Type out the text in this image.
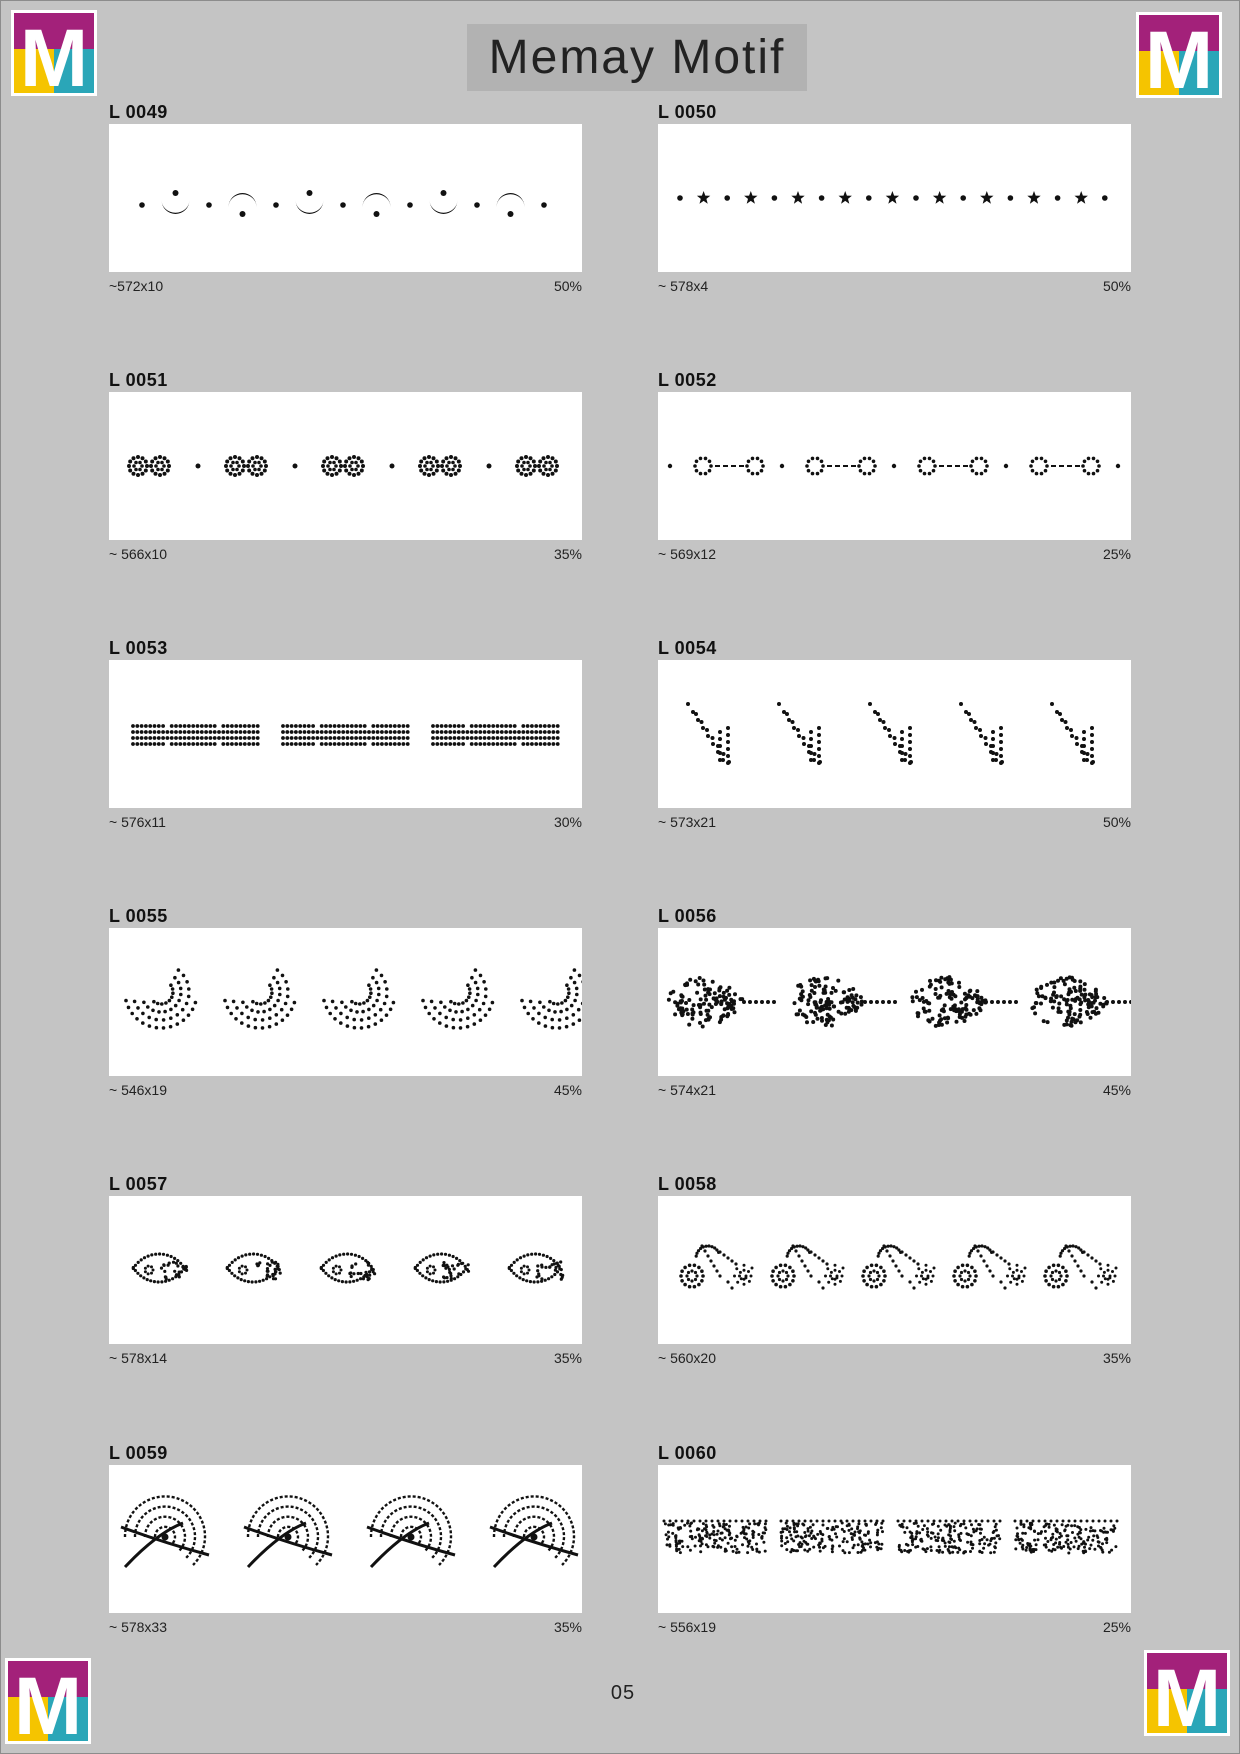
Memay Motif
M	M
M	M
L 0049
~572x10	50%
L 0050
~ 578x4	50%
L 0051
~ 566x10	35%
L 0052
~ 569x12	25%
L 0053
~ 576x11	30%
L 0054
~ 573x21	50%
L 0055
~ 546x19	45%
L 0056
~ 574x21	45%
L 0057
~ 578x14	35%
L 0058
~ 560x20	35%
L 0059
~ 578x33	35%
L 0060
~ 556x19	25%
05
